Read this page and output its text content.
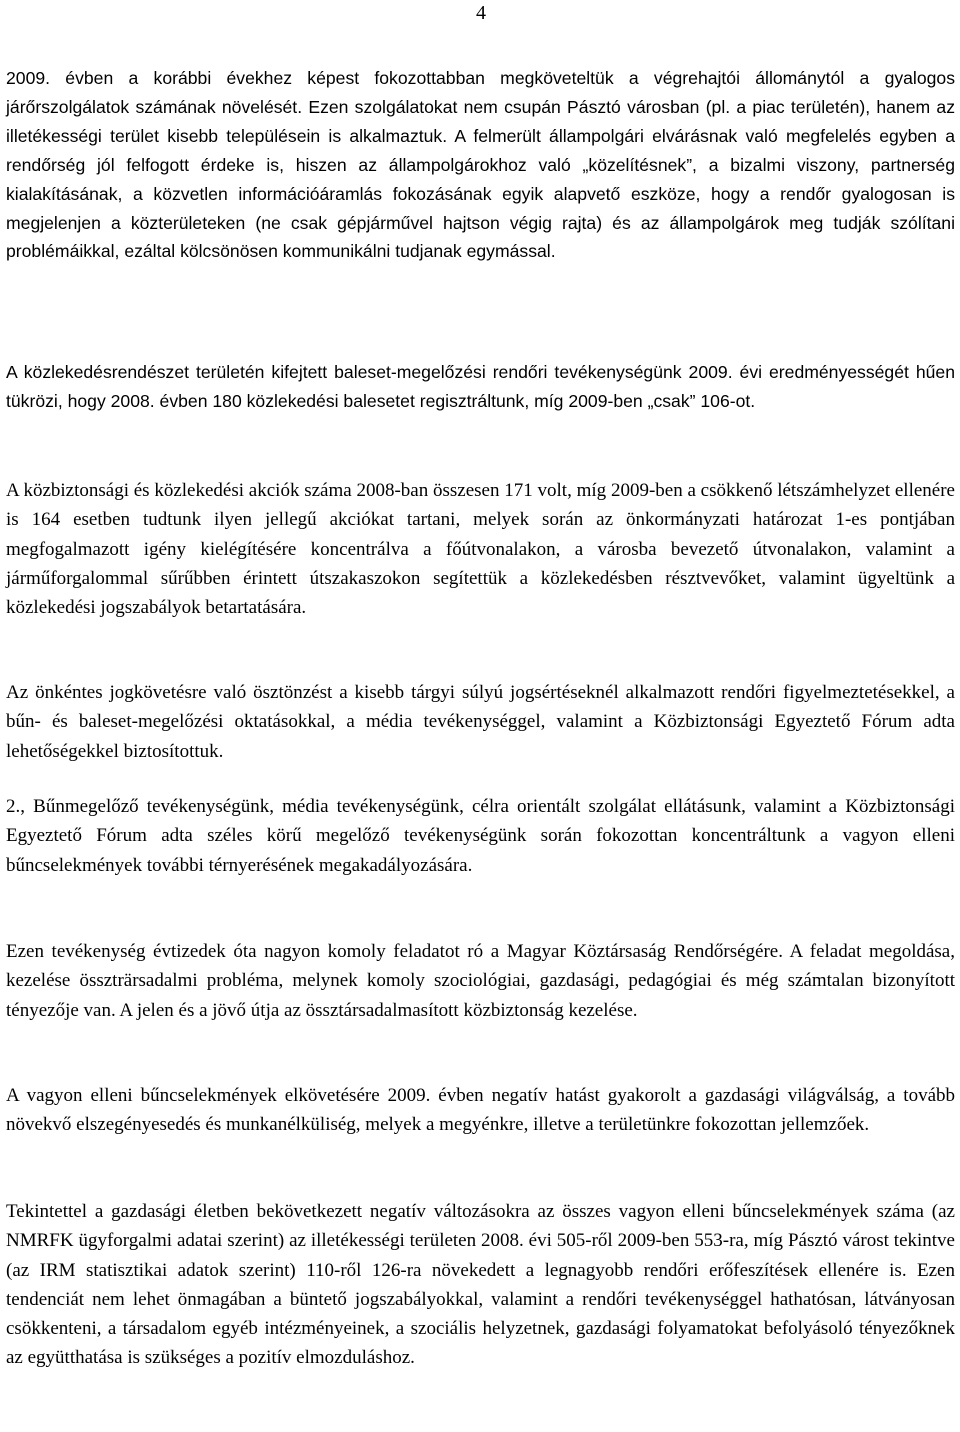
4

2009. évben a korábbi évekhez képest fokozottabban megköveteltük a végrehajtói állománytól a gyalogos járőrszolgálatok számának növelését. Ezen szolgálatokat nem csupán Pásztó városban (pl. a piac területén), hanem az illetékességi terület kisebb településein is alkalmaztuk. A felmerült állampolgári elvárásnak való megfelelés egyben a rendőrség jól felfogott érdeke is, hiszen az állampolgárokhoz való „közelítésnek”, a bizalmi viszony, partnerség kialakításának, a közvetlen információáramlás fokozásának egyik alapvető eszköze, hogy a rendőr gyalogosan is megjelenjen a közterületeken (ne csak gépjárművel hajtson végig rajta) és az állampolgárok meg tudják szólítani problémáikkal, ezáltal kölcsönösen kommunikálni tudjanak egymással.

A közlekedésrendészet területén kifejtett baleset-megelőzési rendőri tevékenységünk 2009. évi eredményességét hűen tükrözi, hogy 2008. évben 180 közlekedési balesetet regisztráltunk, míg 2009-ben „csak” 106-ot.

A közbiztonsági és közlekedési akciók száma 2008-ban összesen 171 volt, míg 2009-ben a csökkenő létszámhelyzet ellenére is 164 esetben tudtunk ilyen jellegű akciókat tartani, melyek során az önkormányzati határozat 1-es pontjában megfogalmazott igény kielégítésére koncentrálva a főútvonalakon, a városba bevezető útvonalakon, valamint a járműforgalommal sűrűbben érintett útszakaszokon segítettük a közlekedésben résztvevőket, valamint ügyeltünk a közlekedési jogszabályok betartatására.

Az önkéntes jogkövetésre való ösztönzést a kisebb tárgyi súlyú jogsértéseknél alkalmazott rendőri figyelmeztetésekkel, a bűn- és baleset-megelőzési oktatásokkal, a média tevékenységgel, valamint a Közbiztonsági Egyeztető Fórum adta lehetőségekkel biztosítottuk.

2., Bűnmegelőző tevékenységünk, média tevékenységünk, célra orientált szolgálat ellátásunk, valamint a Közbiztonsági Egyeztető Fórum adta széles körű megelőző tevékenységünk során fokozottan koncentráltunk a vagyon elleni bűncselekmények további térnyerésének megakadályozására.

Ezen tevékenység évtizedek óta nagyon komoly feladatot ró a Magyar Köztársaság Rendőrségére. A feladat megoldása, kezelése összträrsadalmi probléma, melynek komoly szociológiai, gazdasági, pedagógiai és még számtalan bizonyított tényezője van. A jelen és a jövő útja az össztársadalmasított közbiztonság kezelése.

A vagyon elleni bűncselekmények elkövetésére 2009. évben negatív hatást gyakorolt a gazdasági világválság, a tovább növekvő elszegényesedés és munkanélküliség, melyek a megyénkre, illetve a területünkre fokozottan jellemzőek.

Tekintettel a gazdasági életben bekövetkezett negatív változásokra az összes vagyon elleni bűncselekmények száma (az NMRFK ügyforgalmi adatai szerint) az illetékességi területen 2008. évi 505-ről 2009-ben 553-ra, míg Pásztó várost tekintve (az IRM statisztikai adatok szerint) 110-ről 126-ra növekedett a legnagyobb rendőri erőfeszítések ellenére is. Ezen tendenciát nem lehet önmagában a büntető jogszabályokkal, valamint a rendőri tevékenységgel hathatósan, látványosan csökkenteni, a társadalom egyéb intézményeinek, a szociális helyzetnek, gazdasági folyamatokat befolyásoló tényezőknek az együtthatása is szükséges a pozitív elmozduláshoz.
